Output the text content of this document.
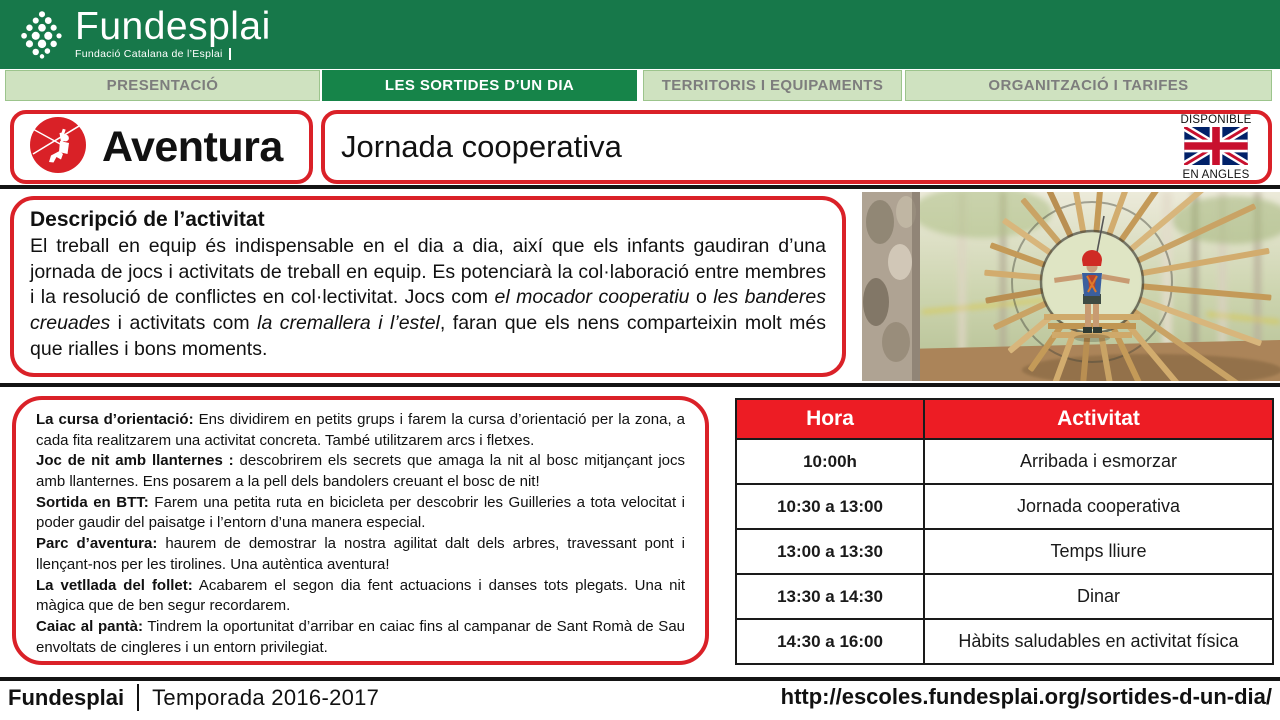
Fundesplai
Fundació Catalana de l’Esplai
PRESENTACIÓ	LES SORTIDES D’UN DIA	TERRITORIS I EQUIPAMENTS	ORGANITZACIÓ I TARIFES
Aventura	Jornada cooperativa
DISPONIBLE
EN ANGLES
Descripció de l’activitat
El treball en equip és indispensable en el dia a dia, així que els infants gaudiran d’una jornada de jocs i activitats de treball en equip. Es potenciarà la col·laboració entre membres i la resolució de conflictes en col·lectivitat. Jocs com el mocador cooperatiu o les banderes creuades i activitats com la cremallera i l’estel, faran que els nens comparteixin molt més que rialles i bons moments.
La cursa d’orientació: Ens dividirem en petits grups i farem la cursa d’orientació per la zona, a cada fita realitzarem una activitat concreta. També utilitzarem arcs i fletxes.
Joc de nit amb llanternes : descobrirem els secrets que amaga la nit al bosc mitjançant jocs amb llanternes. Ens posarem a la pell dels bandolers creuant el bosc de nit!
Sortida en BTT: Farem una petita ruta en bicicleta per descobrir les Guilleries a tota velocitat i poder gaudir del paisatge i l’entorn d’una manera especial.
Parc d’aventura: haurem de demostrar la nostra agilitat dalt dels arbres, travessant pont i llençant-nos per les tirolines. Una autèntica aventura!
La vetllada del follet: Acabarem el segon dia fent actuacions i danses tots plegats. Una nit màgica que de ben segur recordarem.
Caiac al pantà: Tindrem la oportunitat d’arribar en caiac fins al campanar de Sant Romà de Sau envoltats de cingleres i un entorn privilegiat.
Hora	Activitat
10:00h	Arribada i esmorzar
10:30 a 13:00	Jornada cooperativa
13:00 a 13:30	Temps lliure
13:30 a 14:30	Dinar
14:30 a 16:00	Hàbits saludables en activitat física
Fundesplai Temporada 2016-2017	http://escoles.fundesplai.org/sortides-d-un-dia/
